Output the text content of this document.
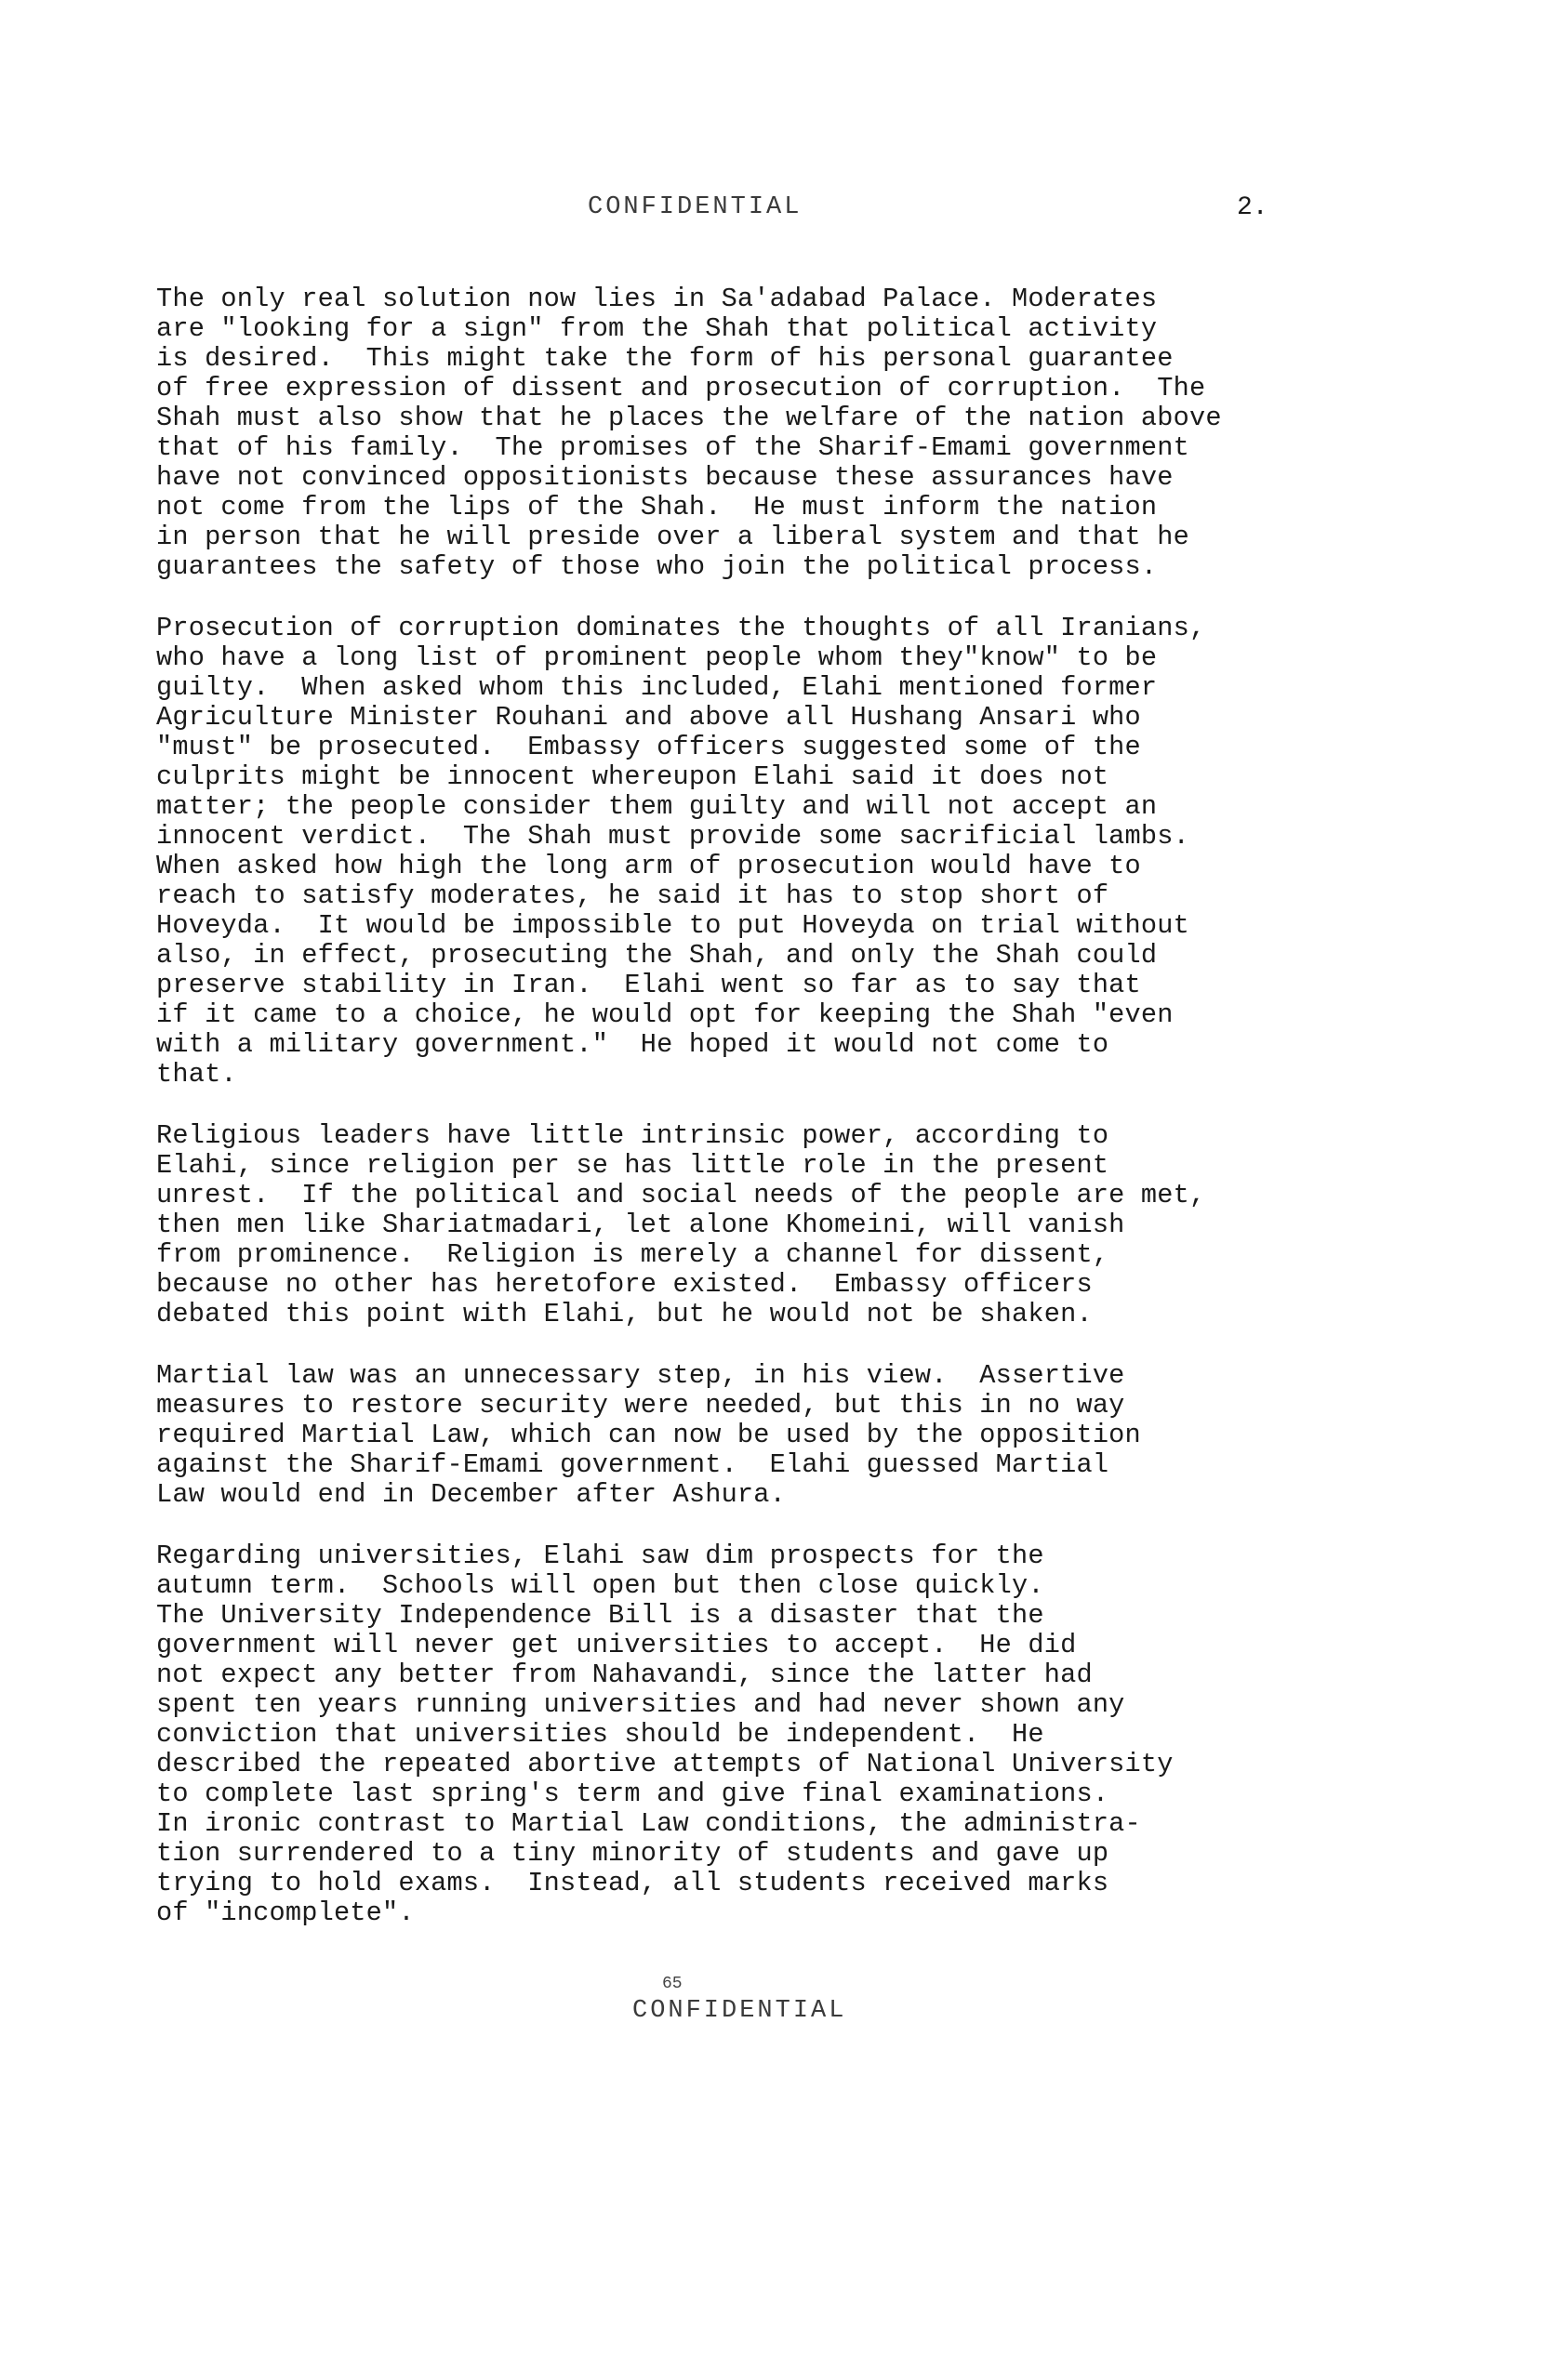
CONFIDENTIAL	2.

The only real solution now lies in Sa'adabad Palace. Moderates
are "looking for a sign" from the Shah that political activity
is desired.  This might take the form of his personal guarantee
of free expression of dissent and prosecution of corruption.  The
Shah must also show that he places the welfare of the nation above
that of his family.  The promises of the Sharif-Emami government
have not convinced oppositionists because these assurances have
not come from the lips of the Shah.  He must inform the nation
in person that he will preside over a liberal system and that he
guarantees the safety of those who join the political process.

Prosecution of corruption dominates the thoughts of all Iranians,
who have a long list of prominent people whom they"know" to be
guilty.  When asked whom this included, Elahi mentioned former
Agriculture Minister Rouhani and above all Hushang Ansari who
"must" be prosecuted.  Embassy officers suggested some of the
culprits might be innocent whereupon Elahi said it does not
matter; the people consider them guilty and will not accept an
innocent verdict.  The Shah must provide some sacrificial lambs.
When asked how high the long arm of prosecution would have to
reach to satisfy moderates, he said it has to stop short of
Hoveyda.  It would be impossible to put Hoveyda on trial without
also, in effect, prosecuting the Shah, and only the Shah could
preserve stability in Iran.  Elahi went so far as to say that
if it came to a choice, he would opt for keeping the Shah "even
with a military government."  He hoped it would not come to
that.

Religious leaders have little intrinsic power, according to
Elahi, since religion per se has little role in the present
unrest.  If the political and social needs of the people are met,
then men like Shariatmadari, let alone Khomeini, will vanish
from prominence.  Religion is merely a channel for dissent,
because no other has heretofore existed.  Embassy officers
debated this point with Elahi, but he would not be shaken.

Martial law was an unnecessary step, in his view.  Assertive
measures to restore security were needed, but this in no way
required Martial Law, which can now be used by the opposition
against the Sharif-Emami government.  Elahi guessed Martial
Law would end in December after Ashura.

Regarding universities, Elahi saw dim prospects for the
autumn term.  Schools will open but then close quickly.
The University Independence Bill is a disaster that the
government will never get universities to accept.  He did
not expect any better from Nahavandi, since the latter had
spent ten years running universities and had never shown any
conviction that universities should be independent.  He
described the repeated abortive attempts of National University
to complete last spring's term and give final examinations.
In ironic contrast to Martial Law conditions, the administra-
tion surrendered to a tiny minority of students and gave up
trying to hold exams.  Instead, all students received marks
of "incomplete".

65
CONFIDENTIAL
